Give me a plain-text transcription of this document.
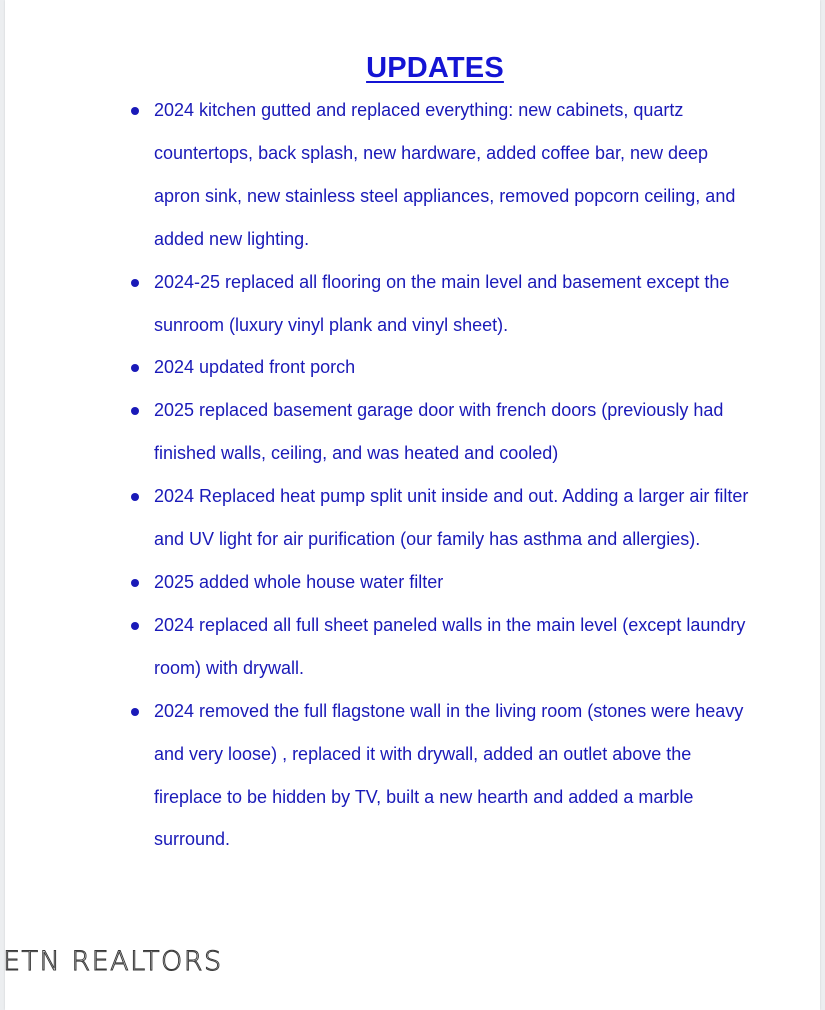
UPDATES
2024 kitchen gutted and replaced everything: new cabinets, quartz countertops, back splash, new hardware, added coffee bar, new deep apron sink, new stainless steel appliances, removed popcorn ceiling, and added new lighting.
2024-25 replaced all flooring on the main level and basement except the sunroom (luxury vinyl plank and vinyl sheet).
2024 updated front porch
2025 replaced basement garage door with french doors (previously had finished walls, ceiling, and was heated and cooled)
2024 Replaced heat pump split unit inside and out. Adding a larger air filter and UV light for air purification (our family has asthma and allergies).
2025 added whole house water filter
2024 replaced all full sheet paneled walls in the main level (except laundry room) with drywall.
2024 removed the full flagstone wall in the living room (stones were heavy and very loose) , replaced it with drywall, added an outlet above the fireplace to be hidden by TV, built a new hearth and added a marble surround.
ETN REALTORS
